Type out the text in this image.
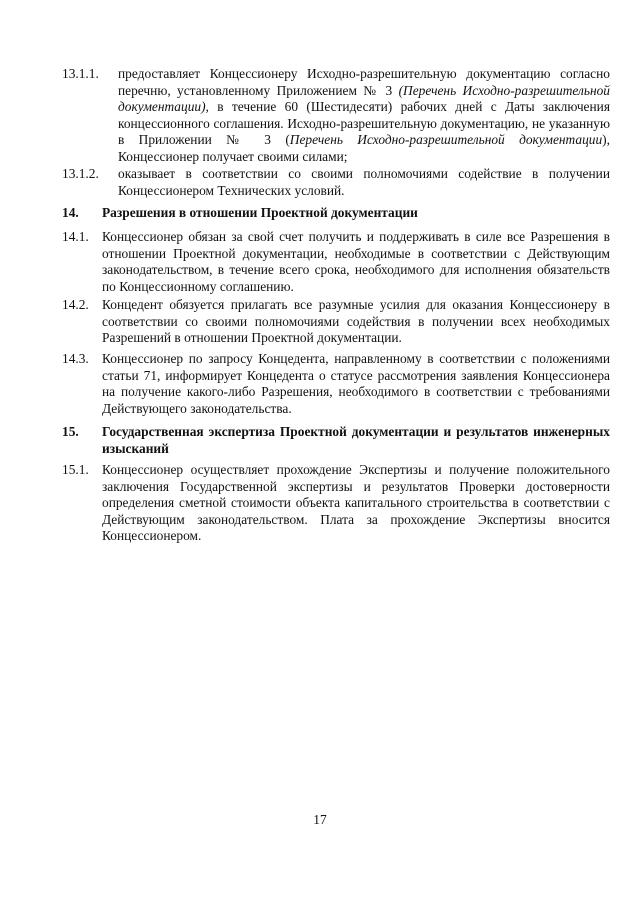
13.1.1. предоставляет Концессионеру Исходно-разрешительную документацию согласно перечню, установленному Приложением № 3 (Перечень Исходно-разрешительной документации), в течение 60 (Шестидесяти) рабочих дней с Даты заключения концессионного соглашения. Исходно-разрешительную документацию, не указанную в Приложении № 3 (Перечень Исходно-разрешительной документации), Концессионер получает своими силами;
13.1.2. оказывает в соответствии со своими полномочиями содействие в получении Концессионером Технических условий.
14. Разрешения в отношении Проектной документации
14.1. Концессионер обязан за свой счет получить и поддерживать в силе все Разрешения в отношении Проектной документации, необходимые в соответствии с Действующим законодательством, в течение всего срока, необходимого для исполнения обязательств по Концессионному соглашению.
14.2. Концедент обязуется прилагать все разумные усилия для оказания Концессионеру в соответствии со своими полномочиями содействия в получении всех необходимых Разрешений в отношении Проектной документации.
14.3. Концессионер по запросу Концедента, направленному в соответствии с положениями статьи 71, информирует Концедента о статусе рассмотрения заявления Концессионера на получение какого-либо Разрешения, необходимого в соответствии с требованиями Действующего законодательства.
15. Государственная экспертиза Проектной документации и результатов инженерных изысканий
15.1. Концессионер осуществляет прохождение Экспертизы и получение положительного заключения Государственной экспертизы и результатов Проверки достоверности определения сметной стоимости объекта капитального строительства в соответствии с Действующим законодательством. Плата за прохождение Экспертизы вносится Концессионером.
17
